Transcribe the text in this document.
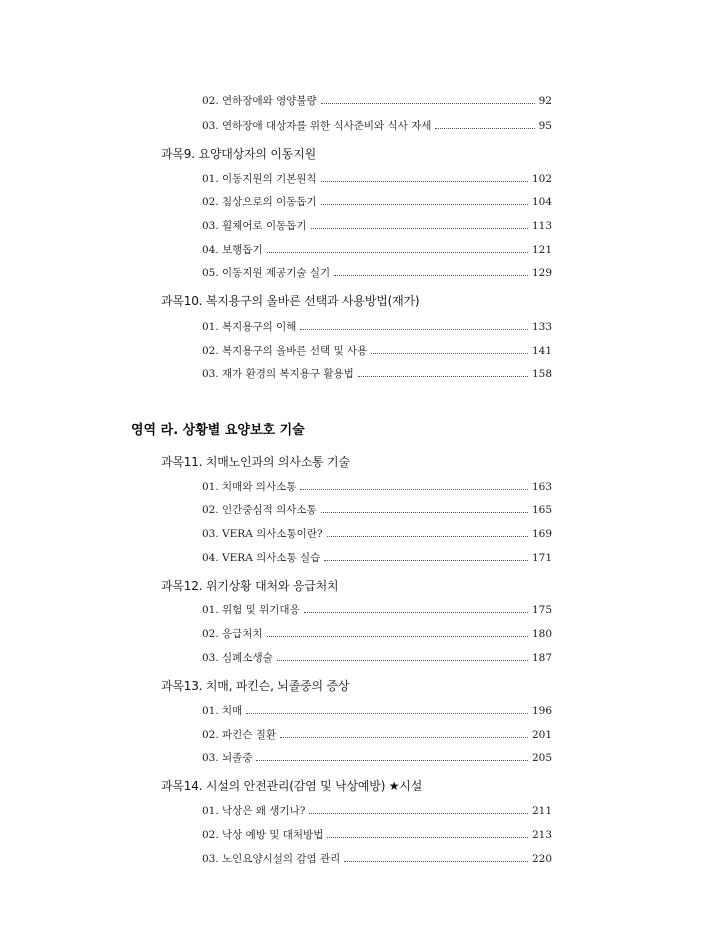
02. 연하장애와 영양불량	92
03. 연하장애 대상자를 위한 식사준비와 식사 자세	95
과목9. 요양대상자의 이동지원
01. 이동지원의 기본원칙	102
02. 침상으로의 이동돕기	104
03. 휠체어로 이동돕기	113
04. 보행돕기	121
05. 이동지원 제공기술 실기	129
과목10. 복지용구의 올바른 선택과 사용방법(재가)
01. 복지용구의 이해	133
02. 복지용구의 올바른 선택 및 사용	141
03. 재가 환경의 복지용구 활용법	158
영역 라. 상황별 요양보호 기술
과목11. 치매노인과의 의사소통 기술
01. 치매와 의사소통	163
02. 인간중심적 의사소통	165
03. VERA 의사소통이란?	169
04. VERA 의사소통 실습	171
과목12. 위기상황 대처와 응급처치
01. 위험 및 위기대응	175
02. 응급처치	180
03. 심폐소생술	187
과목13. 치매, 파킨슨, 뇌졸중의 증상
01. 치매	196
02. 파킨슨 질환	201
03. 뇌졸중	205
과목14. 시설의 안전관리(감염 및 낙상예방) ★시설
01. 낙상은 왜 생기나?	211
02. 낙상 예방 및 대처방법	213
03. 노인요양시설의 감염 관리	220
